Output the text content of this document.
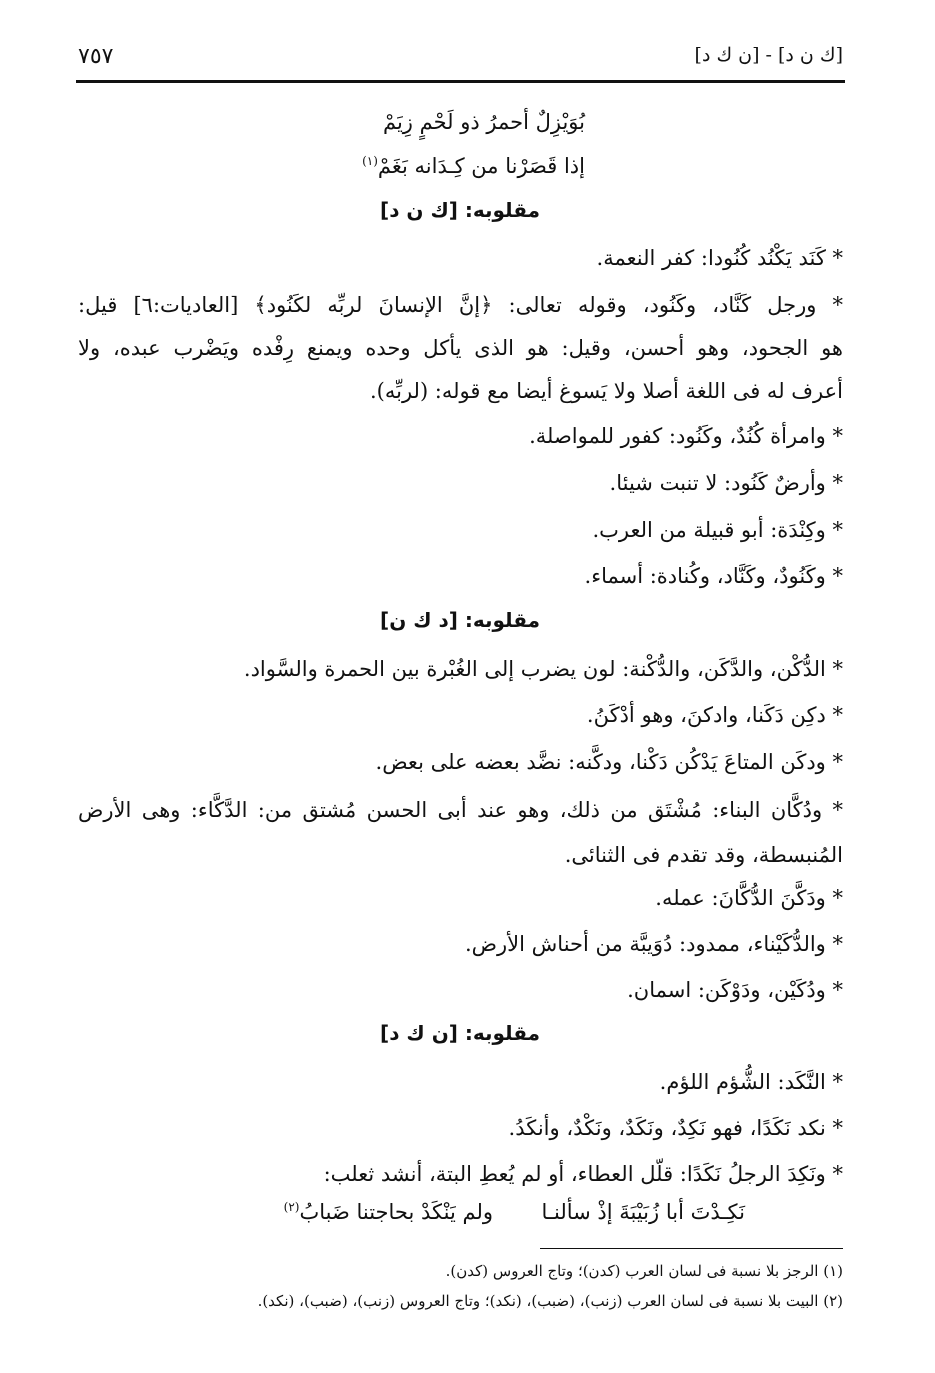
[ك ن د] - [ن ك د]
٧٥٧
بُوَيْزِلٌ أحمرُ ذو لَحْمٍ زِيَمْ
إذا قَصَرْنا من كِـدَانه بَغَمْ$^{(١)}$
مقلوبه: [ك ن د]
* كَنَد يَكْنُد كُنُودا: كفر النعمة.
* ورجل كَنَّاد، وكَنُود، وقوله تعالى: ﴿إنَّ الإنسانَ لربِّه لكَنُود﴾ [العاديات:٦] قيل:
هو الجحود، وهو أحسن، وقيل: هو الذى يأكل وحده ويمنع رِفْده ويَضْرب عبده، ولا
أعرف له فى اللغة أصلا ولا يَسوغ أيضا مع قوله: (لربِّه).
* وامرأة كُنُدٌ، وكَنُود: كفور للمواصلة.
* وأرضٌ كَنُود: لا تنبت شيئا.
* وكِنْدَة: أبو قبيلة من العرب.
* وكَنُودٌ، وكَنَّاد، وكُنادة: أسماء.
مقلوبه: [د ك ن]
* الدُّكْن، والدَّكَن، والدُّكْنة: لون يضرب إلى الغُبْرة بين الحمرة والسَّواد.
* دكِن دَكَنا، وادكنَ، وهو أدْكَنُ.
* ودكَن المتاعَ يَدْكُن دَكْنا، ودكَّنه: نضَّد بعضه على بعض.
* ودُكَّان البناء: مُشْتَق من ذلك، وهو عند أبى الحسن مُشتق من: الدَّكَّاء: وهى الأرض
المُنبسطة، وقد تقدم فى الثنائى.
* ودَكَّنَ الدُّكَّانَ: عمله.
* والدُّكَيْناء، ممدود: دُوَيبَّة من أحناش الأرض.
* ودُكَيْن، ودَوْكَن: اسمان.
مقلوبه: [ن ك د]
* النَّكَد: الشُّؤم اللؤم.
* نكد نَكَدًا، فهو نَكِدٌ، ونَكَدٌ، ونَكْدٌ، وأنكَدُ.
* ونَكِدَ الرجلُ نَكَدًا: قلّل العطاء، أو لم يُعطِ البتة، أنشد ثعلب:
نَكِـدْتَ أبا زُبَيْبَةَ إذْ سألنـا
ولم يَنْكَدْ بحاجتنا ضَبابُ$^{(٢)}$
(١) الرجز بلا نسبة فى لسان العرب (كدن)؛ وتاج العروس (كدن).
(٢) البيت بلا نسبة فى لسان العرب (زنب)، (ضبب)، (نكد)؛ وتاج العروس (زنب)، (ضبب)، (نكد).
